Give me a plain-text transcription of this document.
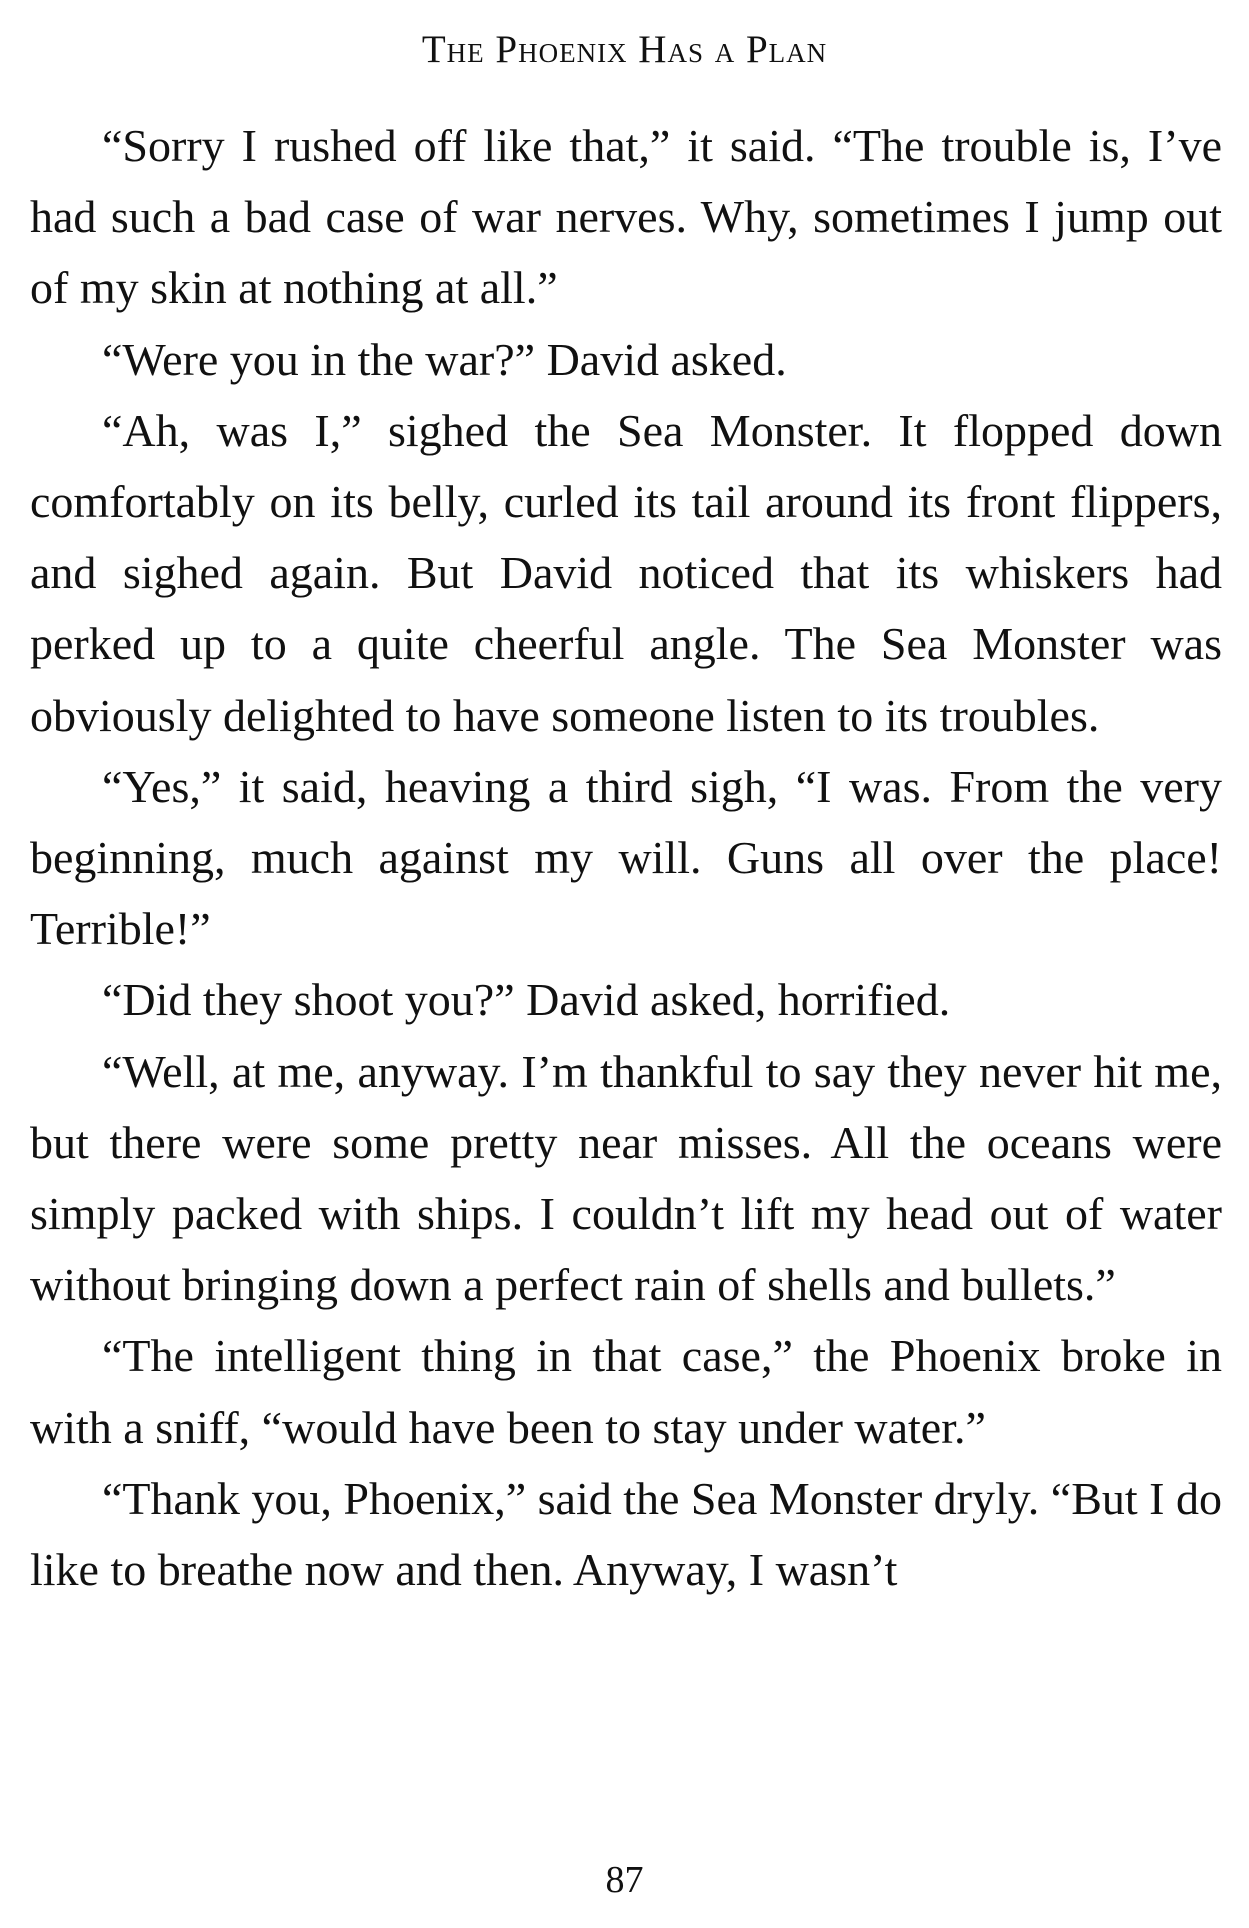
The Phoenix Has a Plan

“Sorry I rushed off like that,” it said. “The trouble is, I’ve had such a bad case of war nerves. Why, sometimes I jump out of my skin at nothing at all.”

“Were you in the war?” David asked.

“Ah, was I,” sighed the Sea Monster. It flopped down comfortably on its belly, curled its tail around its front flippers, and sighed again. But David noticed that its whiskers had perked up to a quite cheerful angle. The Sea Monster was obviously delighted to have someone listen to its troubles.

“Yes,” it said, heaving a third sigh, “I was. From the very beginning, much against my will. Guns all over the place! Terrible!”

“Did they shoot you?” David asked, horrified.

“Well, at me, anyway. I’m thankful to say they never hit me, but there were some pretty near misses. All the oceans were simply packed with ships. I couldn’t lift my head out of water without bringing down a perfect rain of shells and bullets.”

“The intelligent thing in that case,” the Phoenix broke in with a sniff, “would have been to stay under water.”

“Thank you, Phoenix,” said the Sea Monster dryly. “But I do like to breathe now and then. Anyway, I wasn’t

87
